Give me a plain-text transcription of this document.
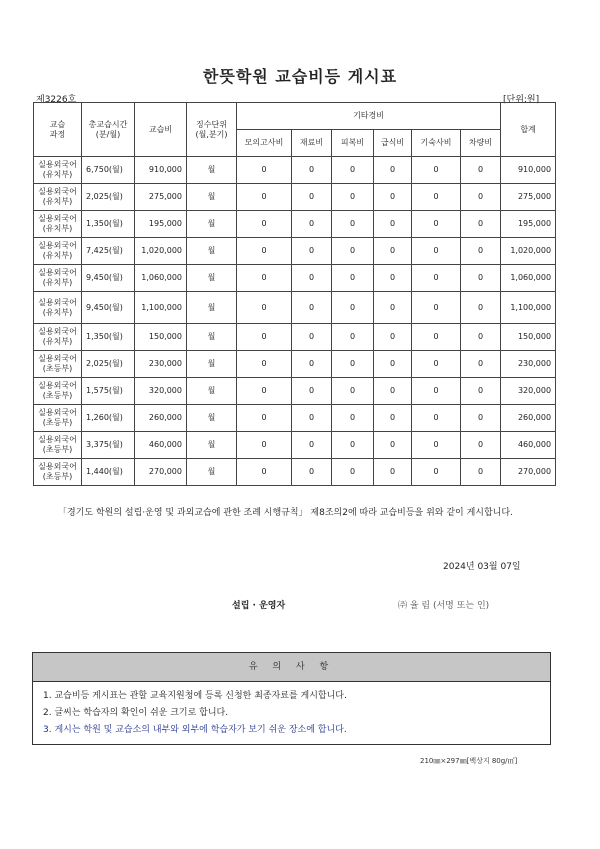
한뜻학원 교습비등 게시표
제3226호	[단위:원]
교습
과정	총교습시간
(분/월)	교습비	징수단위
(월,분기)	기타경비						합계
				모의고사비	재료비	피복비	급식비	기숙사비	차량비	

실용외국어
(유치부)	6,750(월)	910,000	월	0	0	0	0	0	0	910,000

실용외국어
(유치부)	2,025(월)	275,000	월	0	0	0	0	0	0	275,000

실용외국어
(유치부)	1,350(월)	195,000	월	0	0	0	0	0	0	195,000

실용외국어
(유치부)	7,425(월)	1,020,000	월	0	0	0	0	0	0	1,020,000

실용외국어
(유치부)	9,450(월)	1,060,000	월	0	0	0	0	0	0	1,060,000

실용외국어
(유치부)	9,450(월)	1,100,000	월	0	0	0	0	0	0	1,100,000

실용외국어
(유치부)	1,350(월)	150,000	월	0	0	0	0	0	0	150,000

실용외국어
(초등부)	2,025(월)	230,000	월	0	0	0	0	0	0	230,000

실용외국어
(초등부)	1,575(월)	320,000	월	0	0	0	0	0	0	320,000

실용외국어
(초등부)	1,260(월)	260,000	월	0	0	0	0	0	0	260,000

실용외국어
(초등부)	3,375(월)	460,000	월	0	0	0	0	0	0	460,000

실용외국어
(초등부)	1,440(월)	270,000	월	0	0	0	0	0	0	270,000
「경기도 학원의 설립·운영 및 과외교습에 관한 조례 시행규칙」 제8조의2에 따라 교습비등을 위와 같이 게시합니다.
2024년 03월 07일
설립 · 운영자	㈜ 율 림 (서명 또는 인)
유 의 사 항
1. 교습비등 게시표는 관할 교육지원청에 등록 신청한 최종자료를 게시합니다.
2. 글씨는 학습자의 확인이 쉬운 크기로 합니다.
3. 게시는 학원 및 교습소의 내부와 외부에 학습자가 보기 쉬운 장소에 합니다.
210㎜×297㎜[백상지 80g/㎡]
